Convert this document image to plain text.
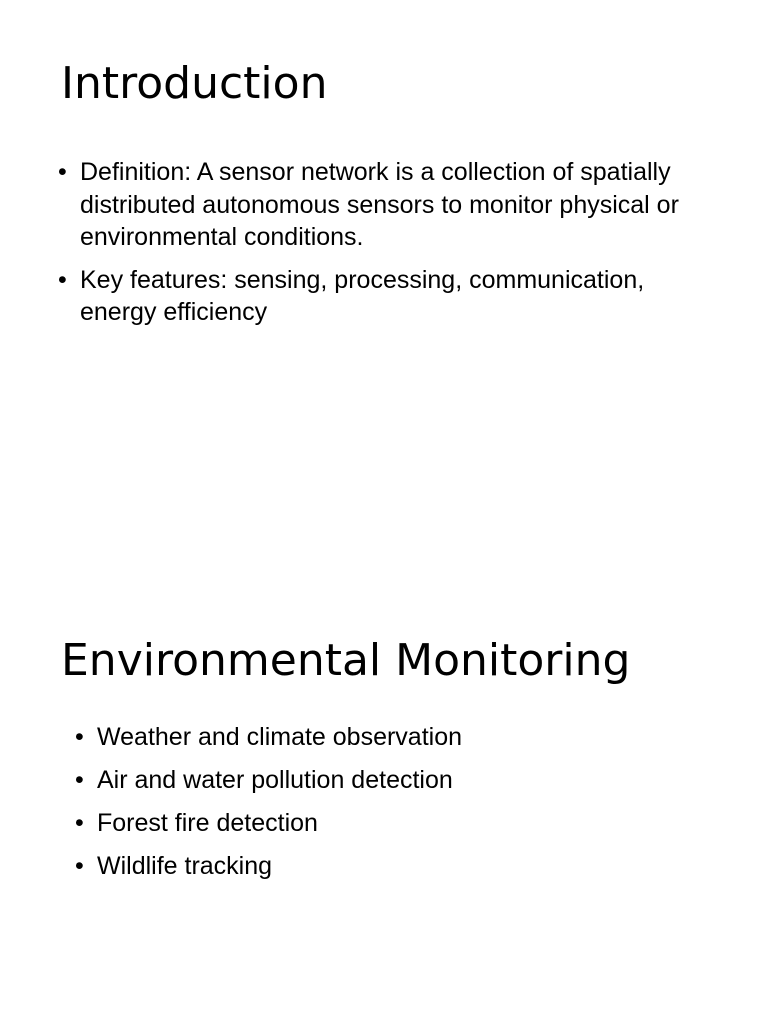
Introduction
• Definition: A sensor network is a collection of spatially distributed autonomous sensors to monitor physical or environmental conditions.
• Key features: sensing, processing, communication, energy efficiency
Environmental Monitoring
• Weather and climate observation
• Air and water pollution detection
• Forest fire detection
• Wildlife tracking
